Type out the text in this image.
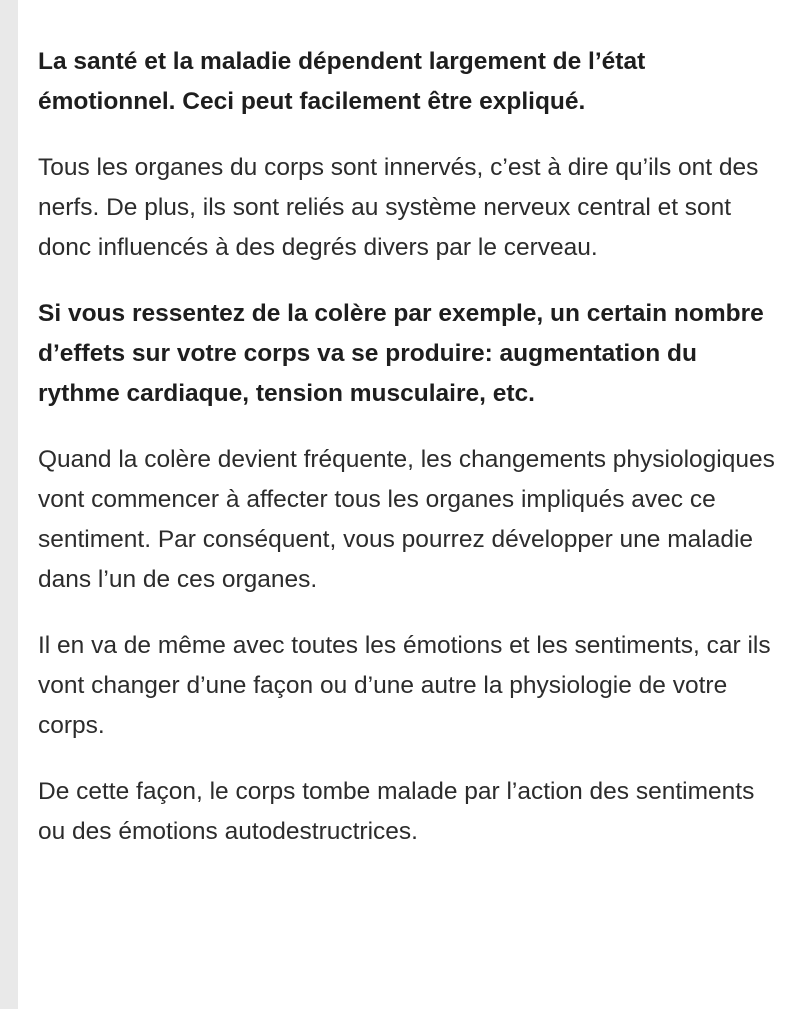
La santé et la maladie dépendent largement de l’état émotionnel. Ceci peut facilement être expliqué.

Tous les organes du corps sont innervés, c’est à dire qu’ils ont des nerfs. De plus, ils sont reliés au système nerveux central et sont donc influencés à des degrés divers par le cerveau.

Si vous ressentez de la colère par exemple, un certain nombre d’effets sur votre corps va se produire: augmentation du rythme cardiaque, tension musculaire, etc.

Quand la colère devient fréquente, les changements physiologiques vont commencer à affecter tous les organes impliqués avec ce sentiment. Par conséquent, vous pourrez développer une maladie dans l’un de ces organes.

Il en va de même avec toutes les émotions et les sentiments, car ils vont changer d’une façon ou d’une autre la physiologie de votre corps.

De cette façon, le corps tombe malade par l’action des sentiments ou des émotions autodestructrices.
